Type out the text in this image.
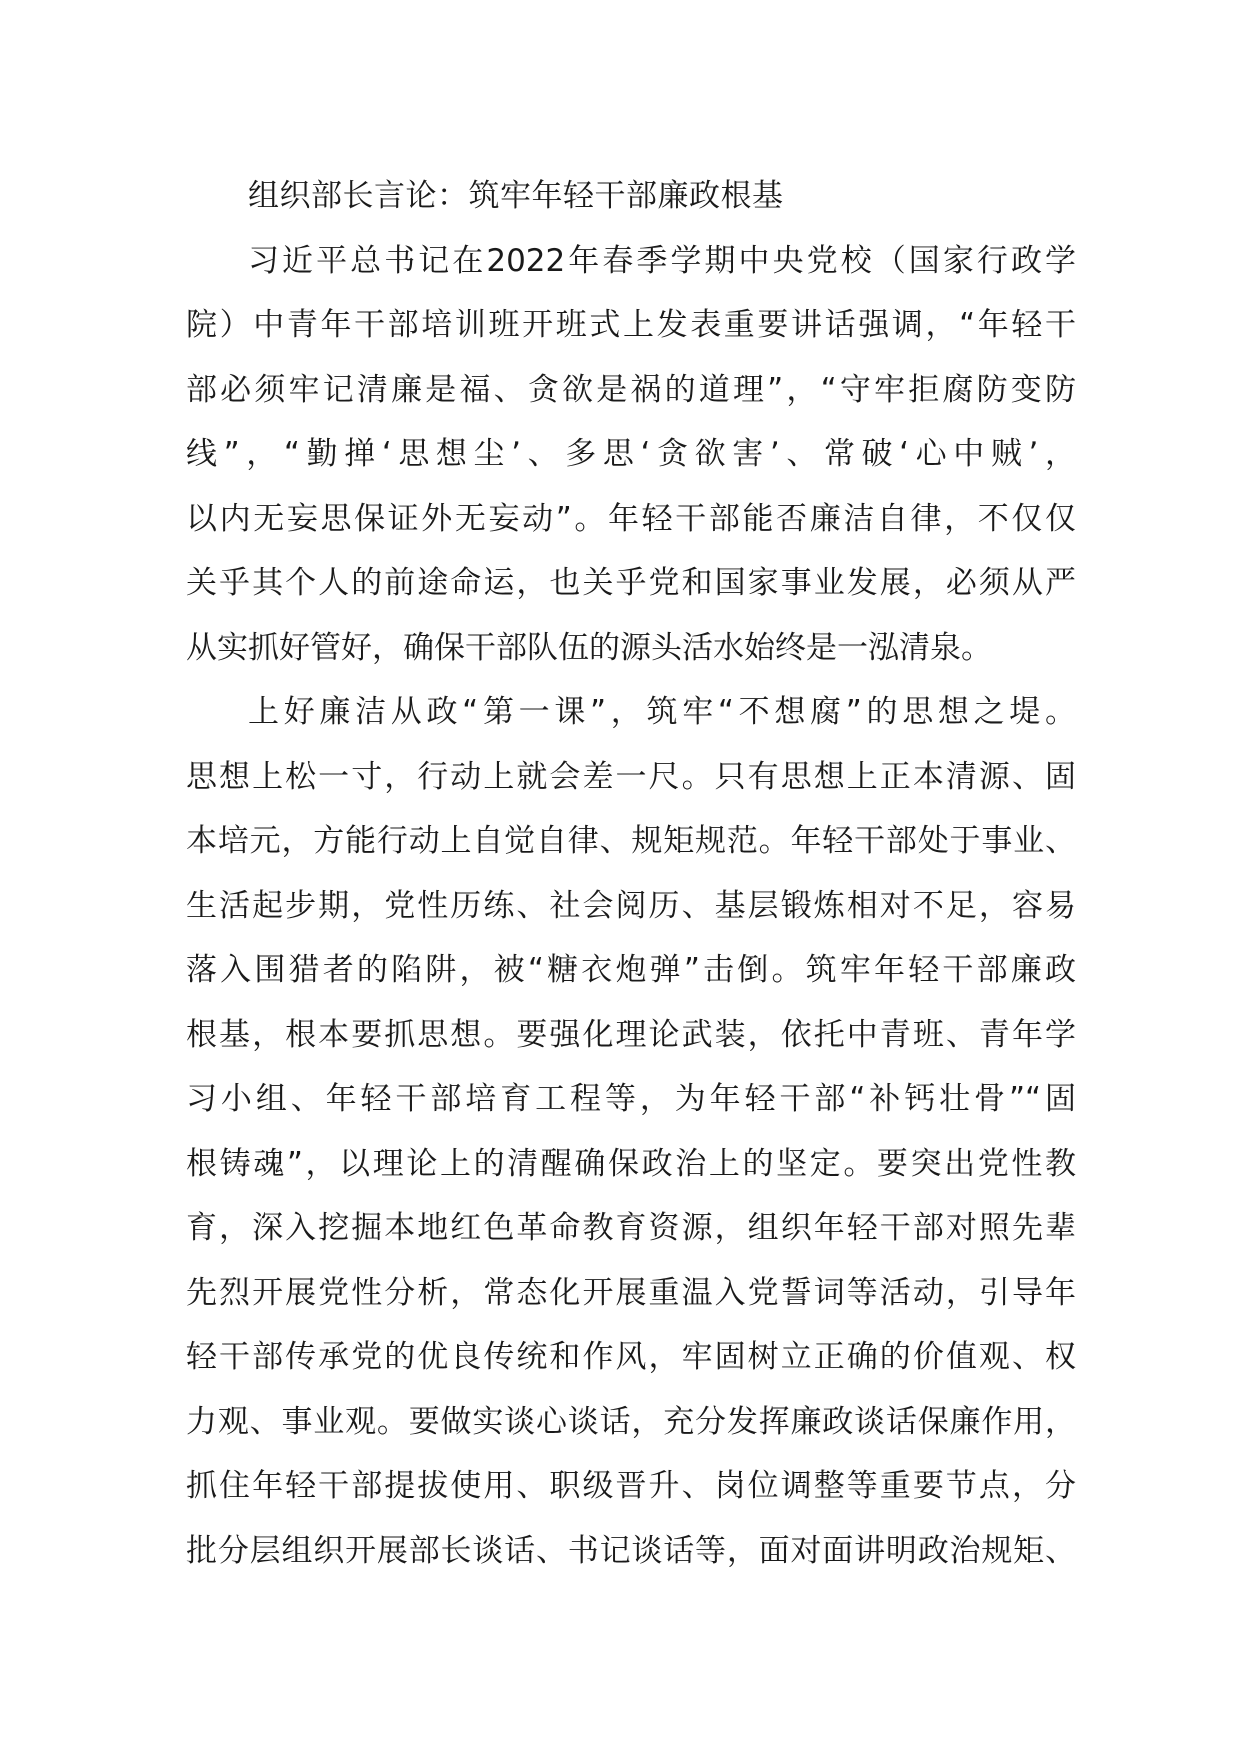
组织部长言论：筑牢年轻干部廉政根基
习近平总书记在2022年春季学期中央党校（国家行政学
院）中青年干部培训班开班式上发表重要讲话强调，“年轻干
部必须牢记清廉是福、贪欲是祸的道理”，“守牢拒腐防变防
线”，“勤掸‘思想尘’、多思‘贪欲害’、常破‘心中贼’，
以内无妄思保证外无妄动”。年轻干部能否廉洁自律，不仅仅
关乎其个人的前途命运，也关乎党和国家事业发展，必须从严
从实抓好管好，确保干部队伍的源头活水始终是一泓清泉。
上好廉洁从政“第一课”，筑牢“不想腐”的思想之堤。
思想上松一寸，行动上就会差一尺。只有思想上正本清源、固
本培元，方能行动上自觉自律、规矩规范。年轻干部处于事业、
生活起步期，党性历练、社会阅历、基层锻炼相对不足，容易
落入围猎者的陷阱，被“糖衣炮弹”击倒。筑牢年轻干部廉政
根基，根本要抓思想。要强化理论武装，依托中青班、青年学
习小组、年轻干部培育工程等，为年轻干部“补钙壮骨”“固
根铸魂”，以理论上的清醒确保政治上的坚定。要突出党性教
育，深入挖掘本地红色革命教育资源，组织年轻干部对照先辈
先烈开展党性分析，常态化开展重温入党誓词等活动，引导年
轻干部传承党的优良传统和作风，牢固树立正确的价值观、权
力观、事业观。要做实谈心谈话，充分发挥廉政谈话保廉作用，
抓住年轻干部提拔使用、职级晋升、岗位调整等重要节点，分
批分层组织开展部长谈话、书记谈话等，面对面讲明政治规矩、
